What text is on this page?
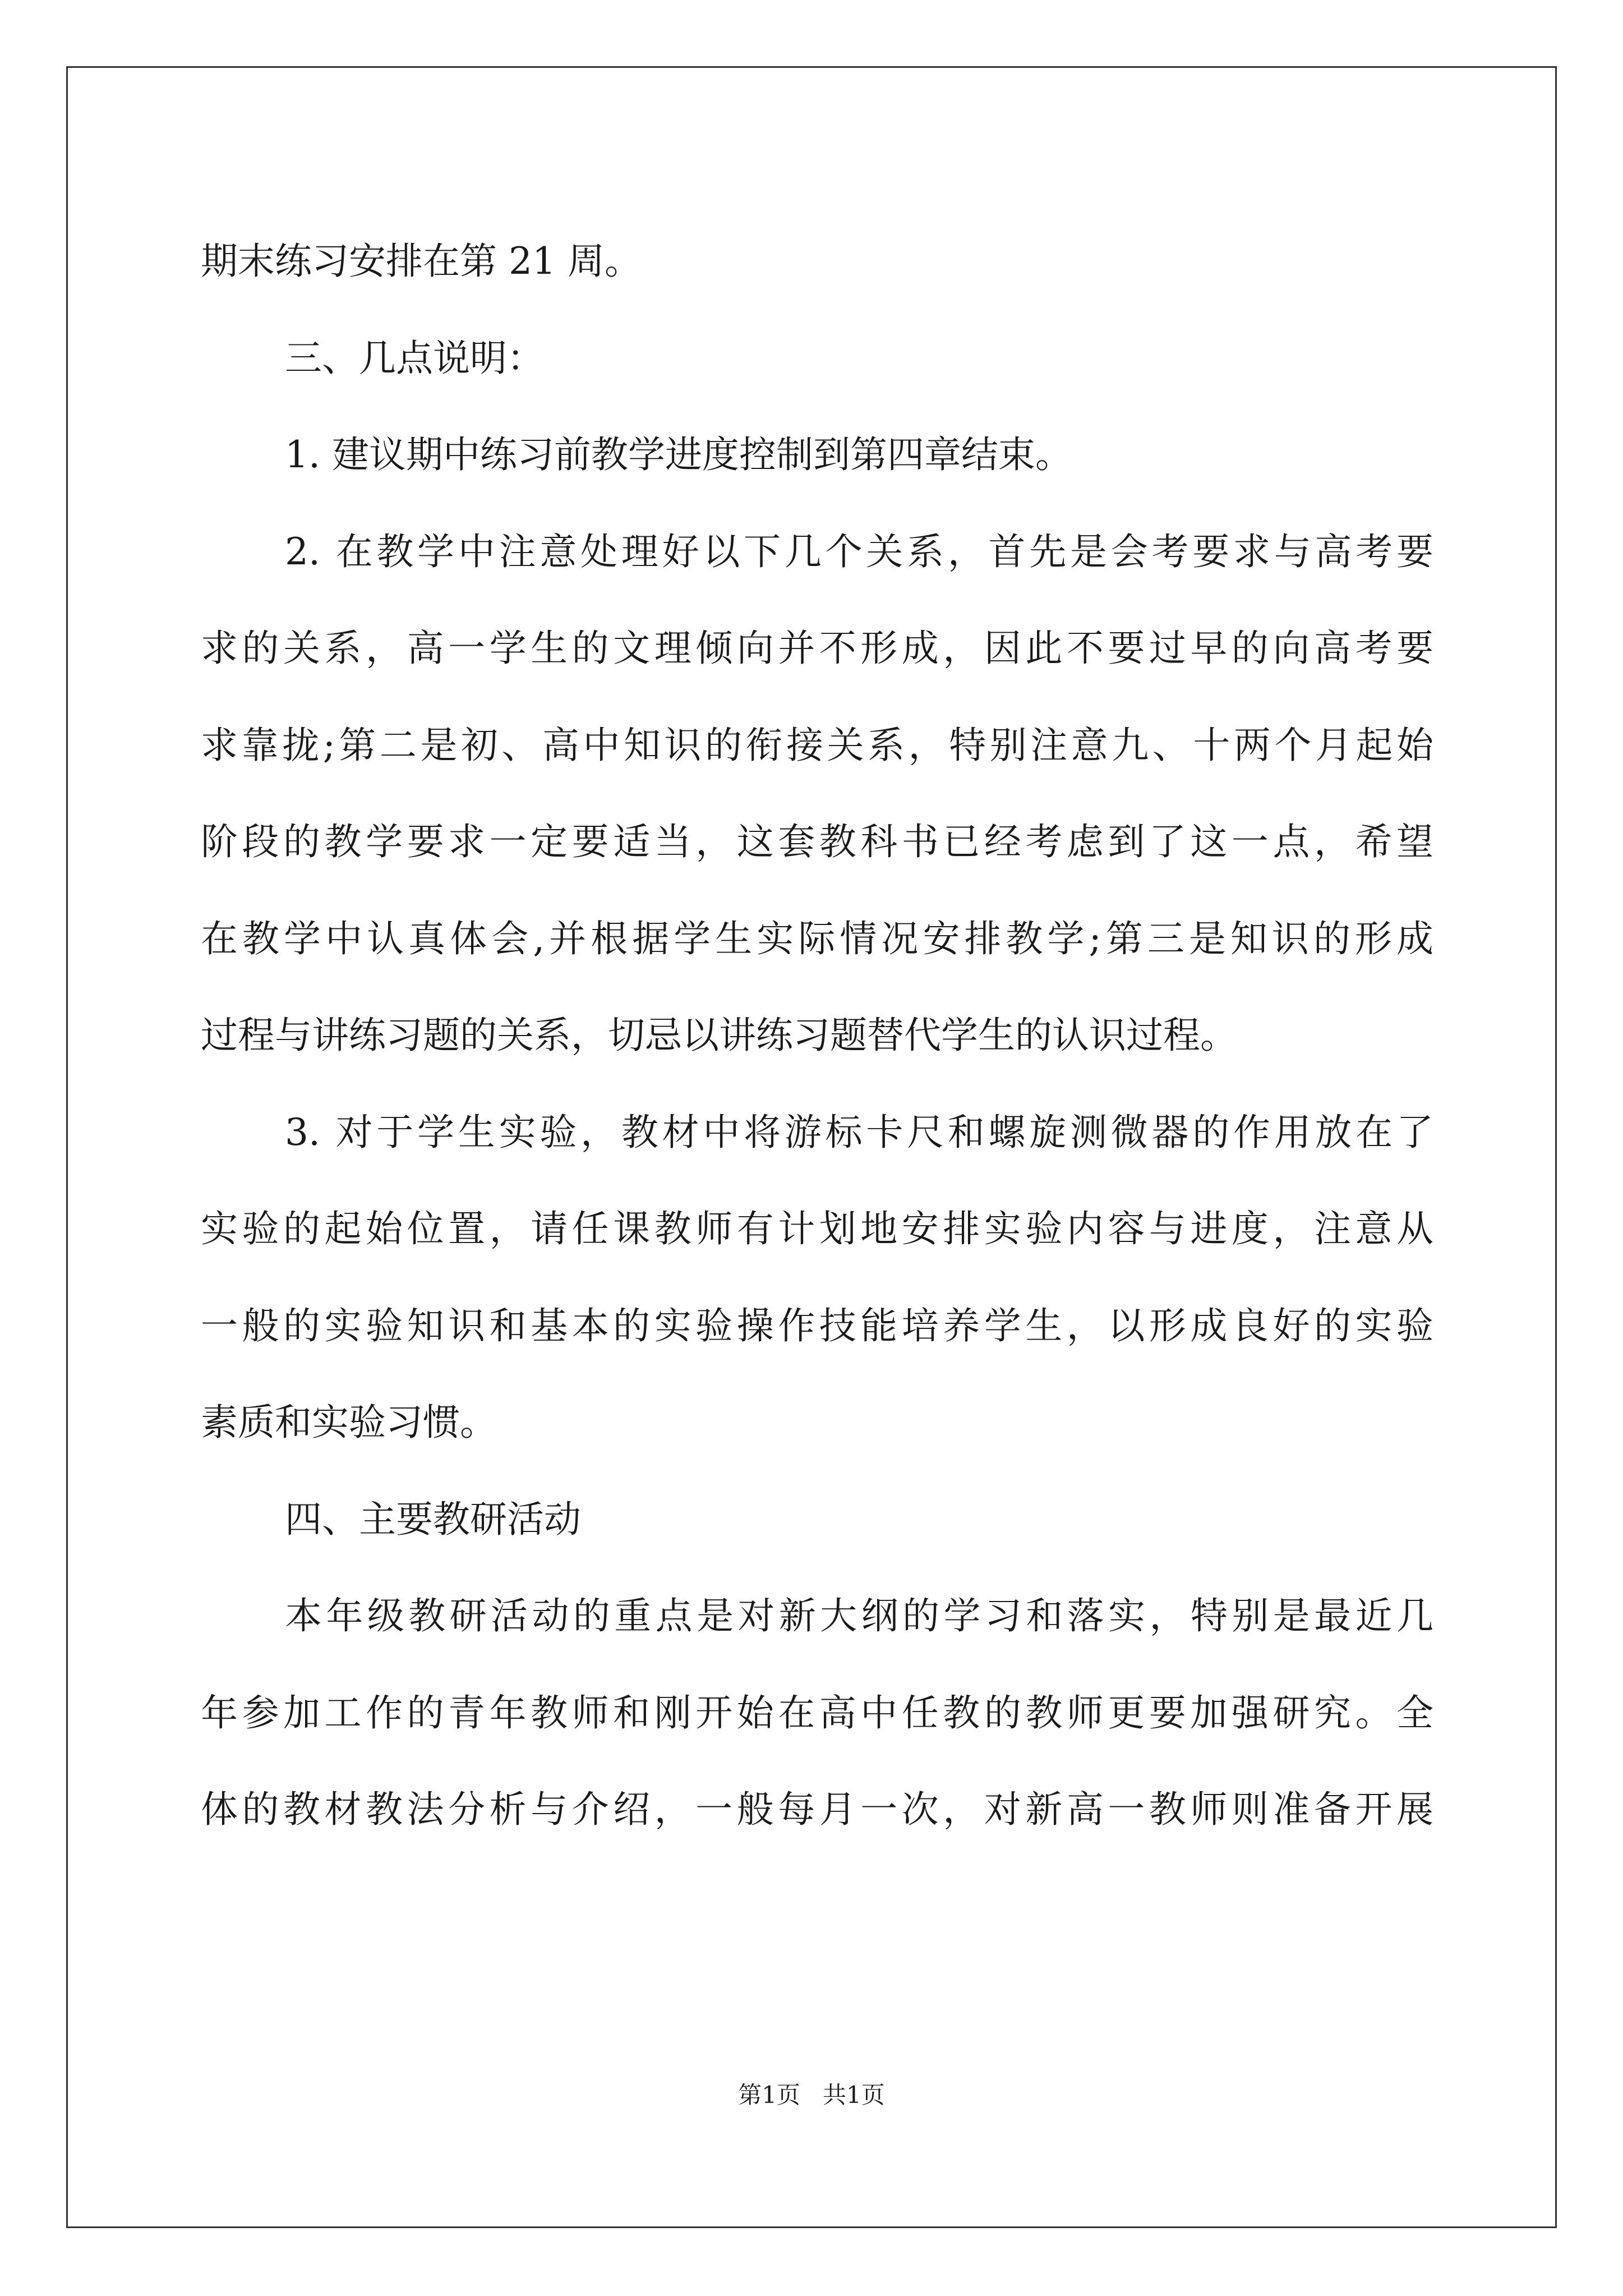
期末练习安排在第 21 周。
三、几点说明：
1. 建议期中练习前教学进度控制到第四章结束。
2. 在教学中注意处理好以下几个关系，首先是会考要求与高考要
求的关系，高一学生的文理倾向并不形成，因此不要过早的向高考要
求靠拢;第二是初、高中知识的衔接关系，特别注意九、十两个月起始
阶段的教学要求一定要适当，这套教科书已经考虑到了这一点，希望
在教学中认真体会,并根据学生实际情况安排教学;第三是知识的形成
过程与讲练习题的关系，切忌以讲练习题替代学生的认识过程。
3. 对于学生实验，教材中将游标卡尺和螺旋测微器的作用放在了
实验的起始位置，请任课教师有计划地安排实验内容与进度，注意从
一般的实验知识和基本的实验操作技能培养学生，以形成良好的实验
素质和实验习惯。
四、主要教研活动
本年级教研活动的重点是对新大纲的学习和落实，特别是最近几
年参加工作的青年教师和刚开始在高中任教的教师更要加强研究。全
体的教材教法分析与介绍，一般每月一次，对新高一教师则准备开展
第1页 共1页
